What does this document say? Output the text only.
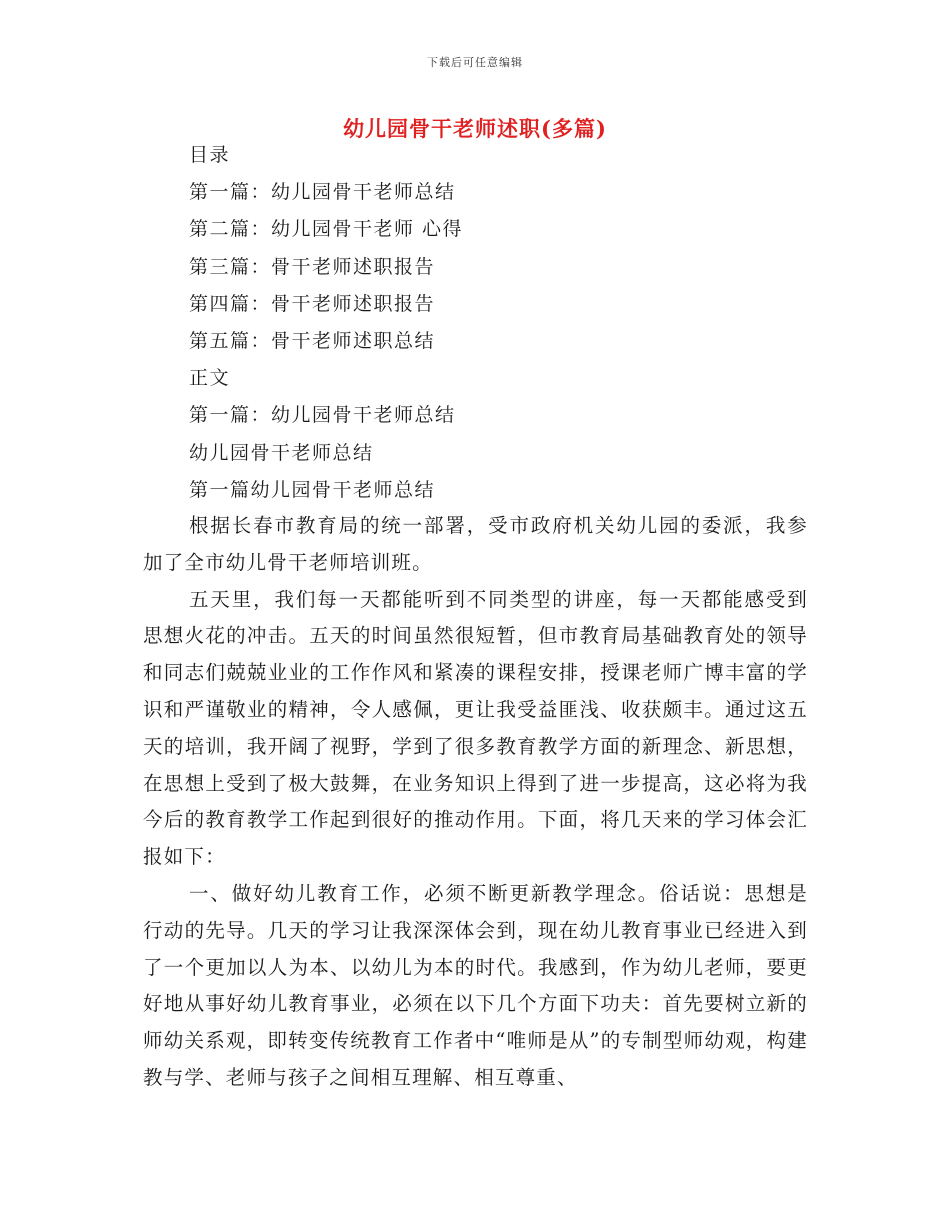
下载后可任意编辑
幼儿园骨干老师述职(多篇)
目录
第一篇：幼儿园骨干老师总结
第二篇：幼儿园骨干老师 心得
第三篇：骨干老师述职报告
第四篇：骨干老师述职报告
第五篇：骨干老师述职总结
正文
第一篇：幼儿园骨干老师总结
幼儿园骨干老师总结
第一篇幼儿园骨干老师总结

根据长春市教育局的统一部署，受市政府机关幼儿园的委派，我参加了全市幼儿骨干老师培训班。

五天里，我们每一天都能听到不同类型的讲座，每一天都能感受到思想火花的冲击。五天的时间虽然很短暂，但市教育局基础教育处的领导和同志们兢兢业业的工作作风和紧凑的课程安排，授课老师广博丰富的学识和严谨敬业的精神，令人感佩，更让我受益匪浅、收获颇丰。通过这五天的培训，我开阔了视野，学到了很多教育教学方面的新理念、新思想，在思想上受到了极大鼓舞，在业务知识上得到了进一步提高，这必将为我今后的教育教学工作起到很好的推动作用。下面，将几天来的学习体会汇报如下：

一、做好幼儿教育工作，必须不断更新教学理念。俗话说：思想是行动的先导。几天的学习让我深深体会到，现在幼儿教育事业已经进入到了一个更加以人为本、以幼儿为本的时代。我感到，作为幼儿老师，要更好地从事好幼儿教育事业，必须在以下几个方面下功夫：首先要树立新的师幼关系观，即转变传统教育工作者中“唯师是从”的专制型师幼观，构建教与学、老师与孩子之间相互理解、相互尊重、
